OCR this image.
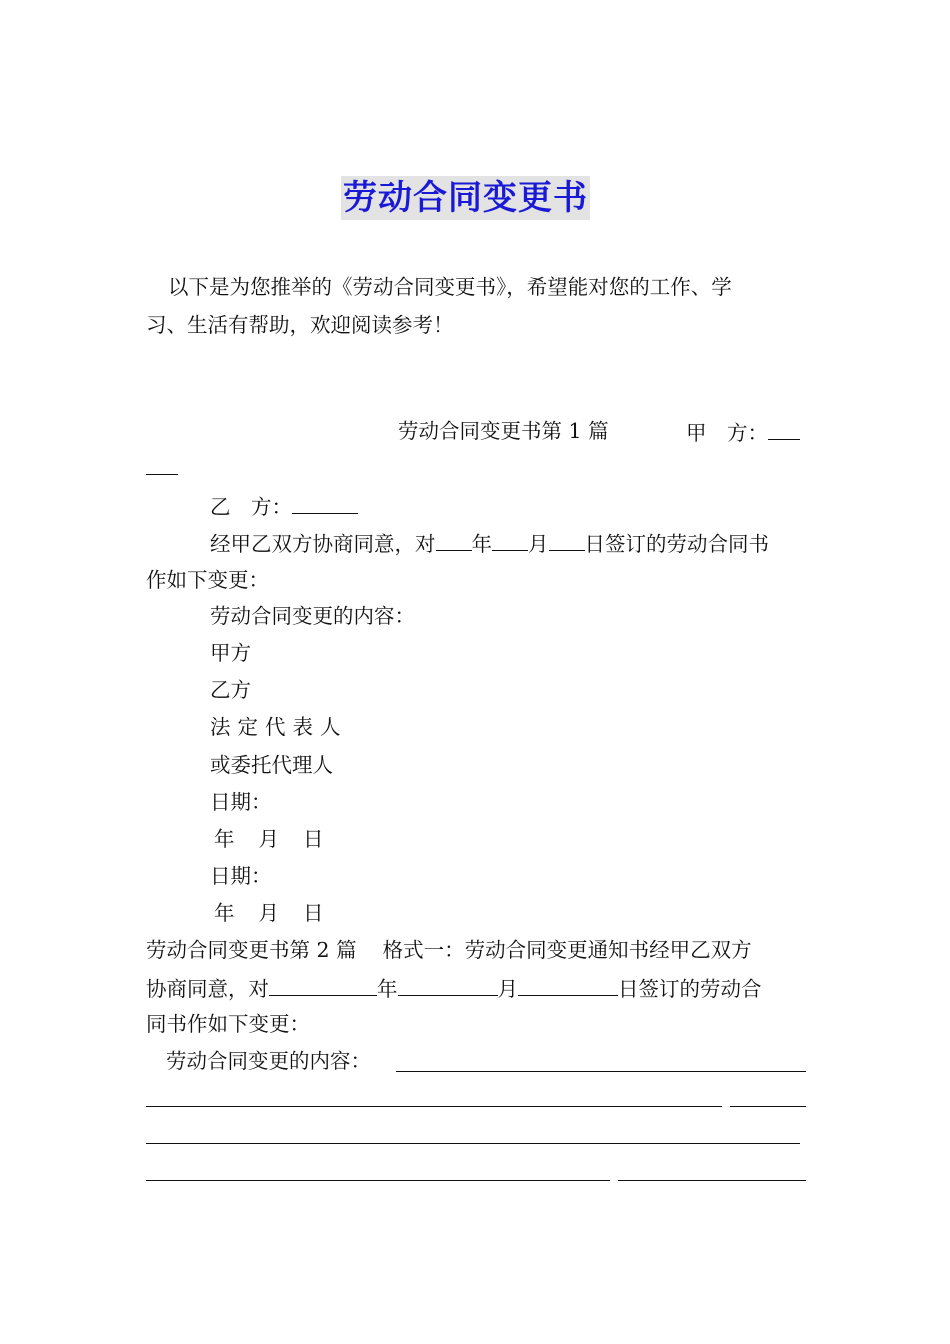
劳动合同变更书
以下是为您推举的《劳动合同变更书》，希望能对您的工作、学
习、生活有帮助，欢迎阅读参考！
劳动合同变更书第 1 篇	甲　方：
乙　方：
经甲乙双方协商同意，对 年 月 日签订的劳动合同书
作如下变更：
劳动合同变更的内容：
甲方
乙方
法定代表人
或委托代理人
日期：
年 月 日
日期：
年 月 日
劳动合同变更书第 2 篇 格式一：劳动合同变更通知书经甲乙双方
协商同意，对	年	月	日签订的劳动合
同书作如下变更：
劳动合同变更的内容：
